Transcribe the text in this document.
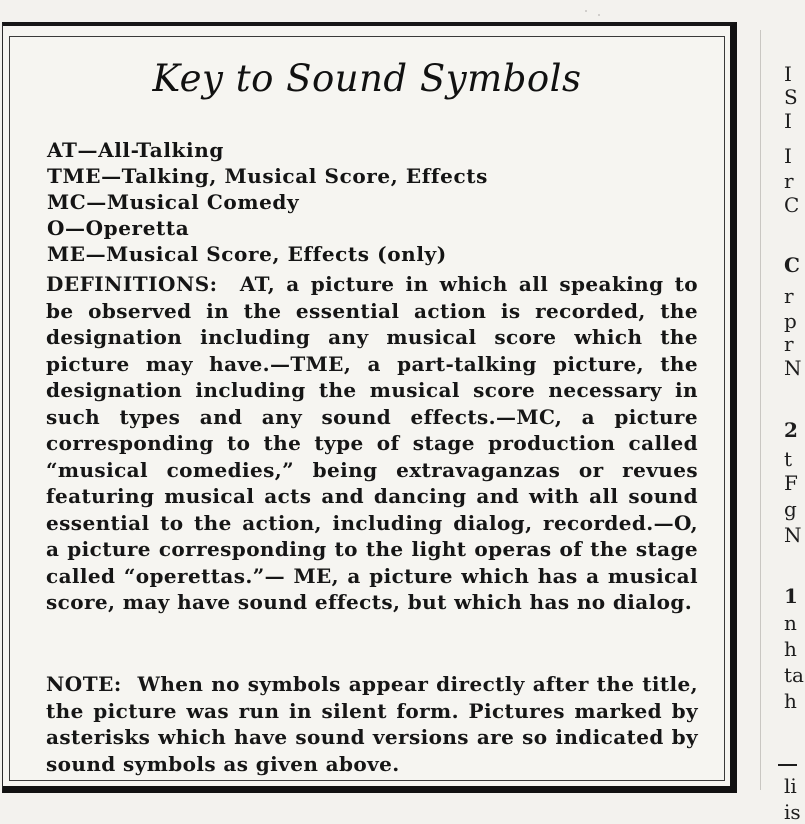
Key to Sound Symbols
AT—All-Talking
TME—Talking, Musical Score, Effects
MC—Musical Comedy
O—Operetta
ME—Musical Score, Effects (only)

DEFINITIONS: AT, a picture in which all speaking to be observed in the essential action is recorded, the designation including any musical score which the picture may have.—TME, a part-talking picture, the designation including the musical score necessary in such types and any sound effects.—MC, a picture corresponding to the type of stage production called “musical comedies,” being extravaganzas or revues featuring musical acts and dancing and with all sound essential to the action, including dialog, recorded.—O, a picture corresponding to the light operas of the stage called “operettas.”— ME, a picture which has a musical score, may have sound effects, but which has no dialog.

NOTE: When no symbols appear directly after the title, the picture was run in silent form. Pictures marked by asterisks which have sound versions are so indicated by sound symbols as given above.

I
S
I
I
r
C
C
r
p
r
N
2
t
F
g
N
1
n
h
ta
h
li
is
